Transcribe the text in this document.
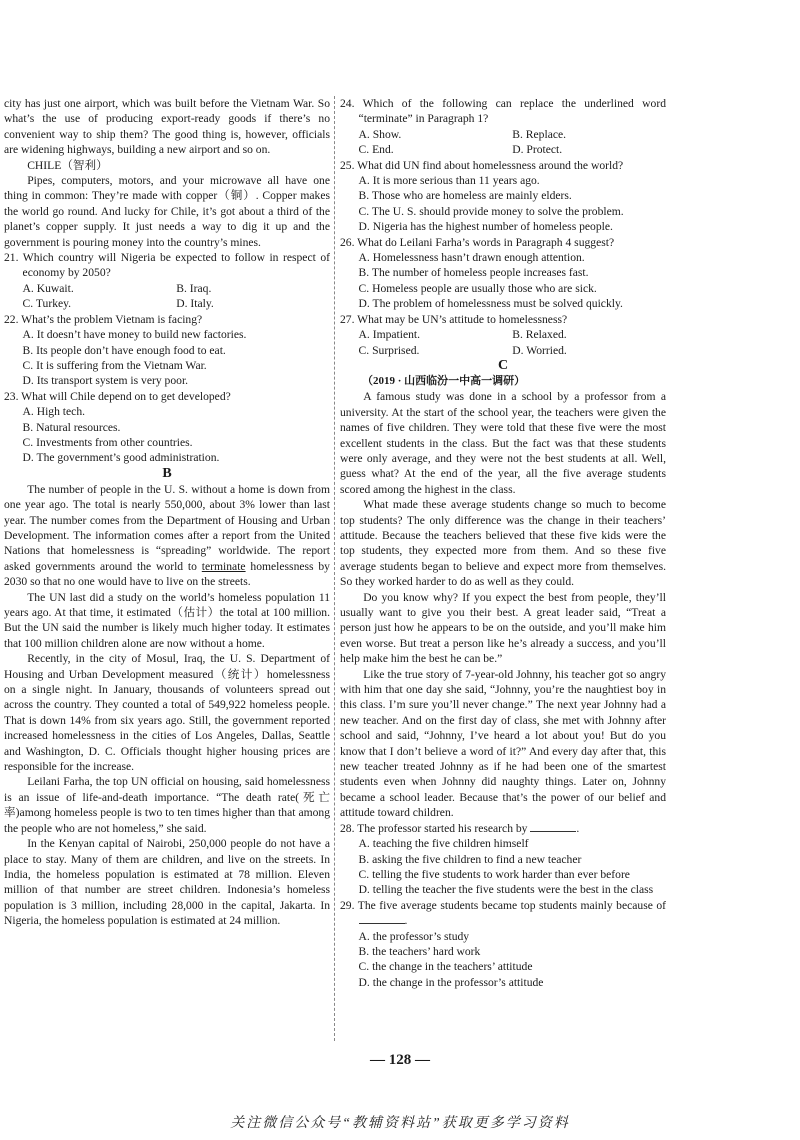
city has just one airport, which was built before the Vietnam War. So what’s the use of producing export-ready goods if there’s no convenient way to ship them? The good thing is, however, officials are widening highways, building a new airport and so on.

CHILE（智利）

Pipes, computers, motors, and your microwave all have one thing in common: They’re made with copper（铜）. Copper makes the world go round. And lucky for Chile, it’s got about a third of the planet’s copper supply. It just needs a way to dig it up and the government is pouring money into the country’s mines.

21. Which country will Nigeria be expected to follow in respect of economy by 2050?

A. Kuwait.	B. Iraq.
C. Turkey.	D. Italy.

22. What’s the problem Vietnam is facing?

A. It doesn’t have money to build new factories.
B. Its people don’t have enough food to eat.
C. It is suffering from the Vietnam War.
D. Its transport system is very poor.

23. What will Chile depend on to get developed?

A. High tech.
B. Natural resources.
C. Investments from other countries.
D. The government’s good administration.

B

The number of people in the U. S. without a home is down from one year ago. The total is nearly 550,000, about 3% lower than last year. The number comes from the Department of Housing and Urban Development. The information comes after a report from the United Nations that homelessness is “spreading” worldwide. The report asked governments around the world to terminate homelessness by 2030 so that no one would have to live on the streets.

The UN last did a study on the world’s homeless population 11 years ago. At that time, it estimated（估计）the total at 100 million. But the UN said the number is likely much higher today. It estimates that 100 million children alone are now without a home.

Recently, in the city of Mosul, Iraq, the U. S. Department of Housing and Urban Development measured（统计）homelessness on a single night. In January, thousands of volunteers spread out across the country. They counted a total of 549,922 homeless people. That is down 14% from six years ago. Still, the government reported increased homelessness in the cities of Los Angeles, Dallas, Seattle and Washington, D. C. Officials thought higher housing prices are responsible for the increase.

Leilani Farha, the top UN official on housing, said homelessness is an issue of life-and-death importance. “The death rate(死亡率)among homeless people is two to ten times higher than that among the people who are not homeless,” she said.

In the Kenyan capital of Nairobi, 250,000 people do not have a place to stay. Many of them are children, and live on the streets. In India, the homeless population is estimated at 78 million. Eleven million of that number are street children. Indonesia’s homeless population is 3 million, including 28,000 in the capital, Jakarta. In Nigeria, the homeless population is estimated at 24 million.

24. Which of the following can replace the underlined word “terminate” in Paragraph 1?

A. Show.	B. Replace.
C. End.	D. Protect.

25. What did UN find about homelessness around the world?

A. It is more serious than 11 years ago.
B. Those who are homeless are mainly elders.
C. The U. S. should provide money to solve the problem.
D. Nigeria has the highest number of homeless people.

26. What do Leilani Farha’s words in Paragraph 4 suggest?

A. Homelessness hasn’t drawn enough attention.
B. The number of homeless people increases fast.
C. Homeless people are usually those who are sick.
D. The problem of homelessness must be solved quickly.

27. What may be UN’s attitude to homelessness?

A. Impatient.	B. Relaxed.
C. Surprised.	D. Worried.

C

（2019 · 山西临汾一中高一调研）

A famous study was done in a school by a professor from a university. At the start of the school year, the teachers were given the names of five children. They were told that these five were the most excellent students in the class. But the fact was that these students were only average, and they were not the best students at all. Well, guess what? At the end of the year, all the five average students scored among the highest in the class.

What made these average students change so much to become top students? The only difference was the change in their teachers’ attitude. Because the teachers believed that these five kids were the top students, they expected more from them. And so these five average students began to believe and expect more from themselves. So they worked harder to do as well as they could.

Do you know why? If you expect the best from people, they’ll usually want to give you their best. A great leader said, “Treat a person just how he appears to be on the outside, and you’ll make him even worse. But treat a person like he’s already a success, and you’ll help make him the best he can be.”

Like the true story of 7-year-old Johnny, his teacher got so angry with him that one day she said, “Johnny, you’re the naughtiest boy in this class. I’m sure you’ll never change.” The next year Johnny had a new teacher. And on the first day of class, she met with Johnny after school and said, “Johnny, I’ve heard a lot about you! But do you know that I don’t believe a word of it?” And every day after that, this new teacher treated Johnny as if he had been one of the smartest students even when Johnny did naughty things. Later on, Johnny became a school leader. Because that’s the power of our belief and attitude toward children.

28. The professor started his research by	.

A. teaching the five children himself
B. asking the five children to find a new teacher
C. telling the five students to work harder than ever before
D. telling the teacher the five students were the best in the class

29. The five average students became top students mainly because of .

A. the professor’s study
B. the teachers’ hard work
C. the change in the teachers’ attitude
D. the change in the professor’s attitude
— 128 —
关注微信公众号“教辅资料站”获取更多学习资料
